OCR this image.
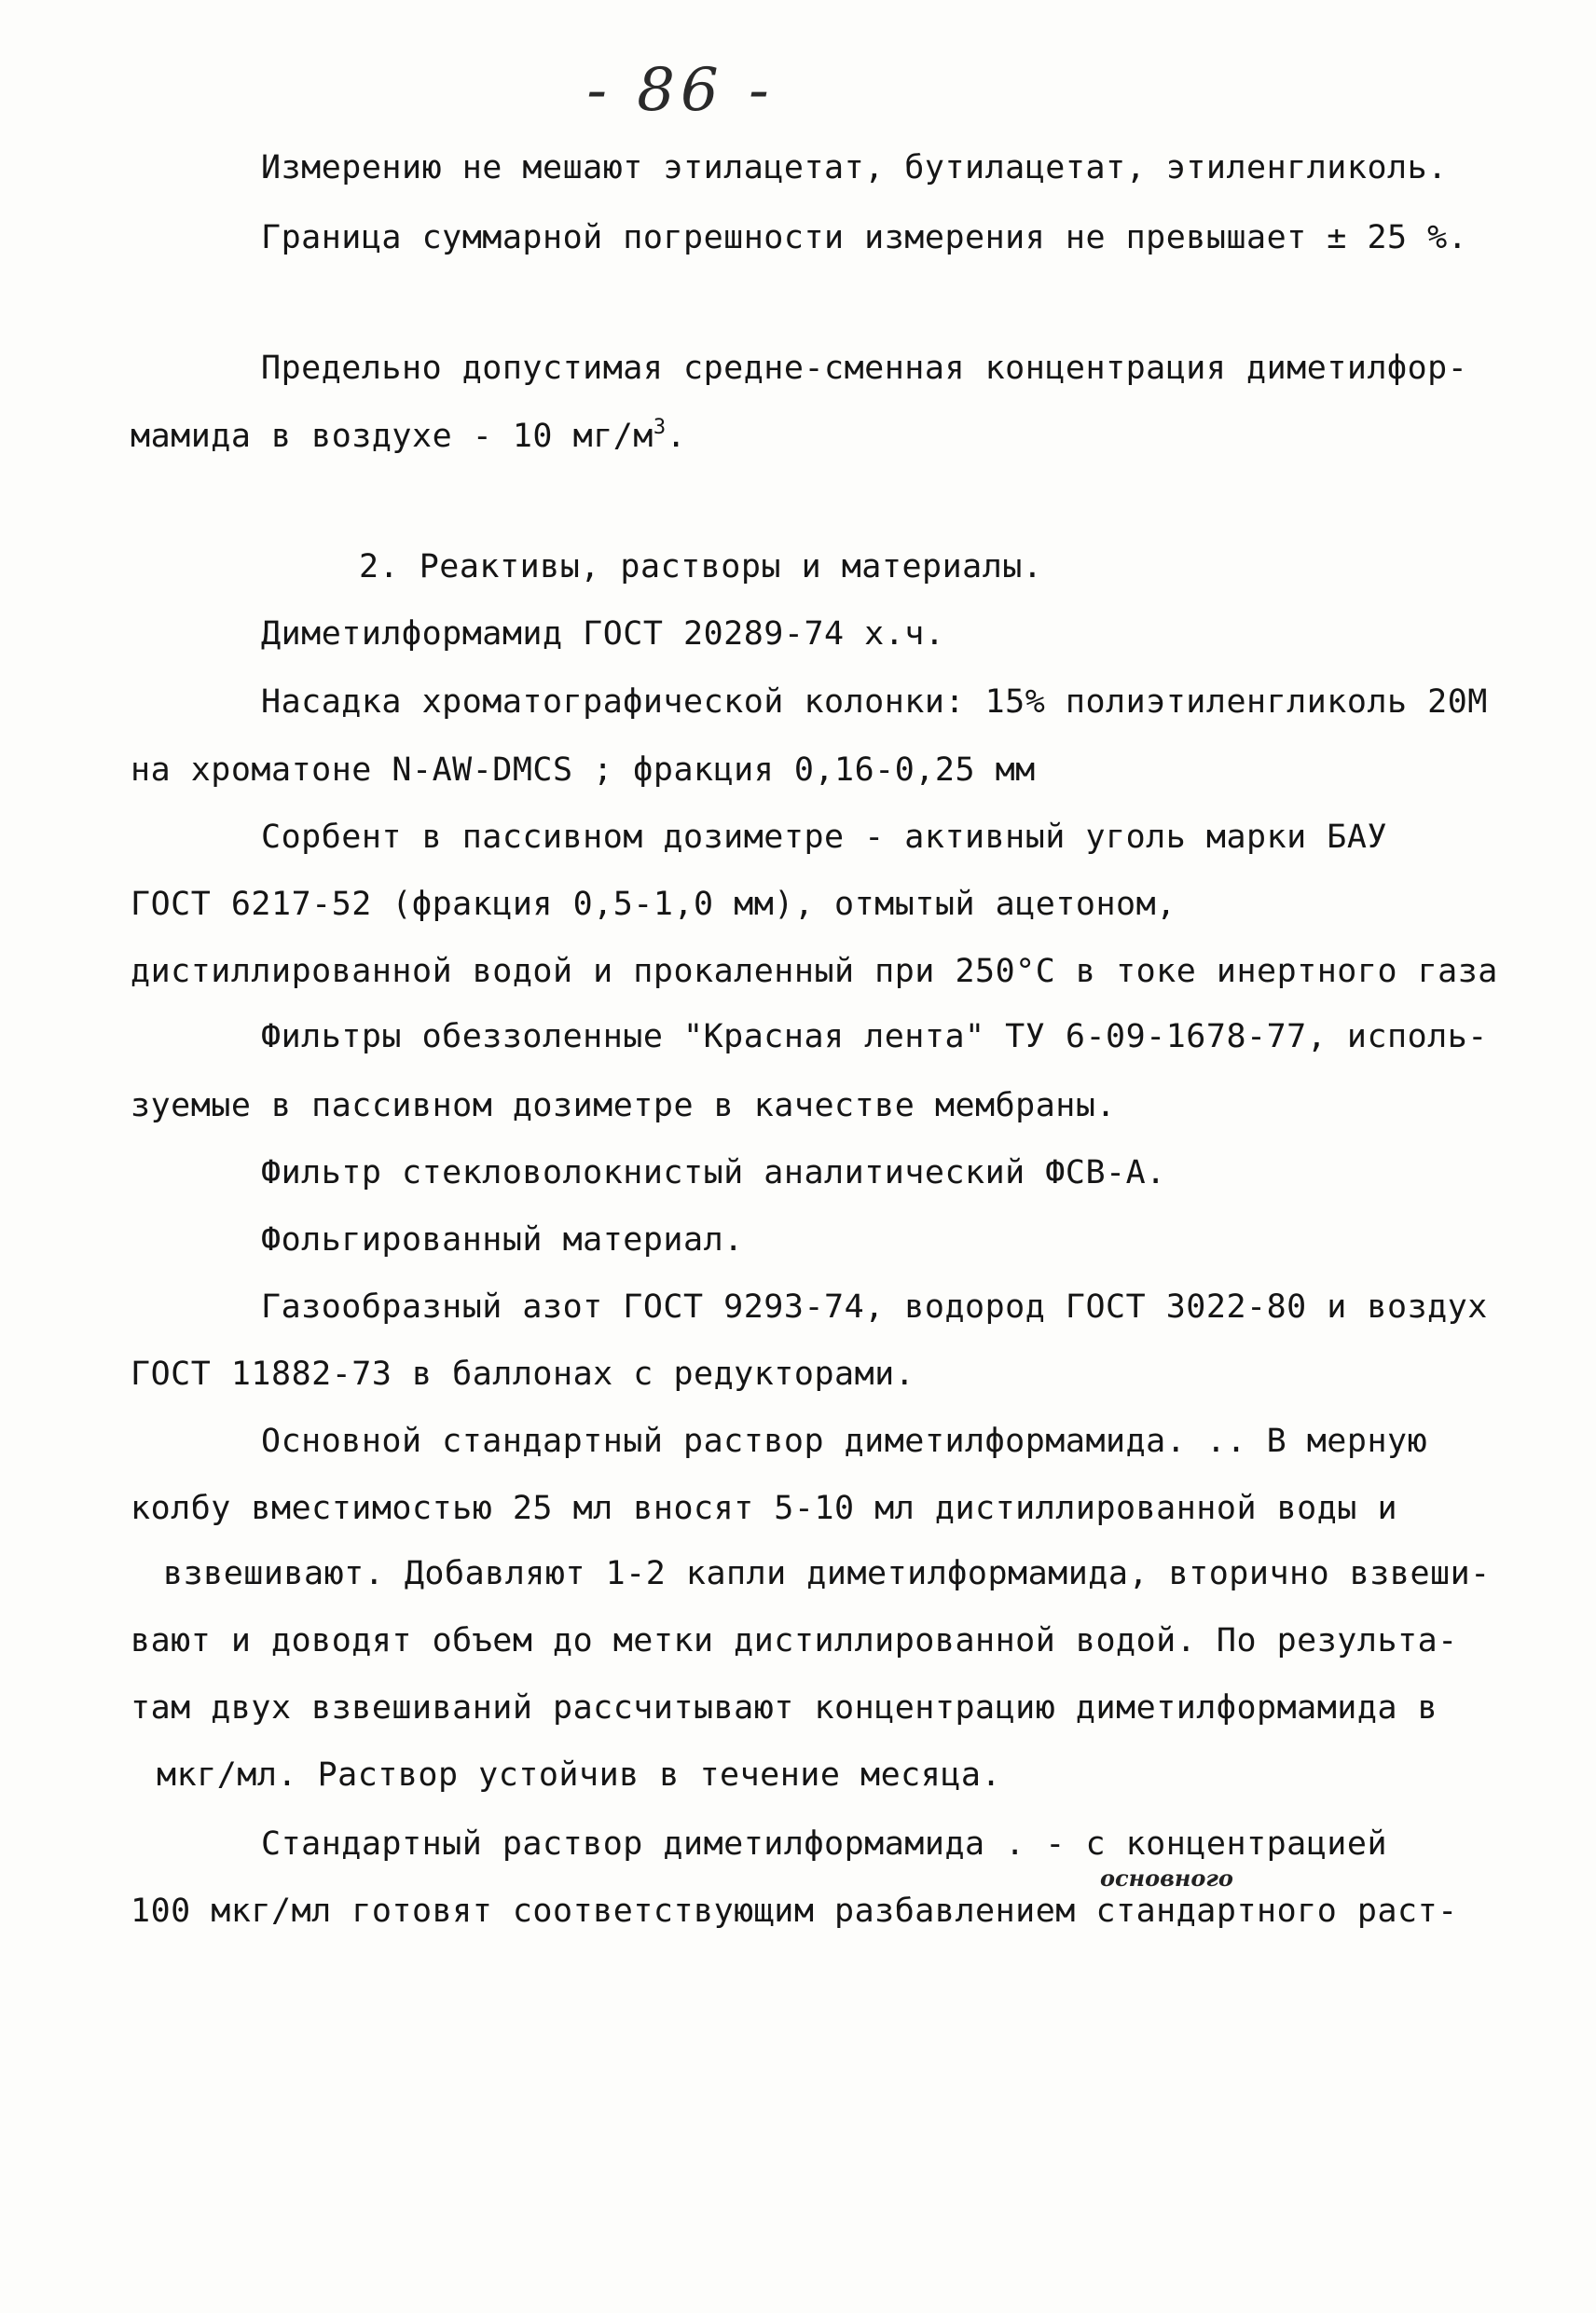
- 86 -
Измерению не мешают этилацетат, бутилацетат, этиленгликоль.
Граница суммарной погрешности измерения не превышает ± 25 %.
Предельно допустимая средне-сменная концентрация диметилфор-
мамида в воздухе - 10 $мг/м^3$.
2. Реактивы, растворы и материалы.
Диметилформамид ГОСТ 20289-74 х.ч.
Насадка хроматографической колонки: 15% полиэтиленгликоль 20М
на хроматоне N-AW-DMCS ; фракция 0,16-0,25 мм
Сорбент в пассивном дозиметре - активный уголь марки БАУ
ГОСТ 6217-52 (фракция 0,5-1,0 мм), отмытый ацетоном,
дистиллированной водой и прокаленный при 250°С в токе инертного газа
Фильтры обеззоленные "Красная лента" ТУ 6-09-1678-77, исполь-
зуемые в пассивном дозиметре в качестве мембраны.
Фильтр стекловолокнистый аналитический ФСВ-А.
Фольгированный материал.
Газообразный азот ГОСТ 9293-74, водород ГОСТ 3022-80 и воздух
ГОСТ 11882-73 в баллонах с редукторами.
Основной стандартный раствор диметилформамида. .. В мерную
колбу вместимостью 25 мл вносят 5-10 мл дистиллированной воды и
взвешивают. Добавляют 1-2 капли диметилформамида, вторично взвеши-
вают и доводят объем до метки дистиллированной водой. По результа-
там двух взвешиваний рассчитывают концентрацию диметилформамида в
мкг/мл. Раствор устойчив в течение месяца.
Стандартный раствор диметилформамида . - с концентрацией
основного
100 мкг/мл готовят соответствующим разбавлением стандартного раст-
